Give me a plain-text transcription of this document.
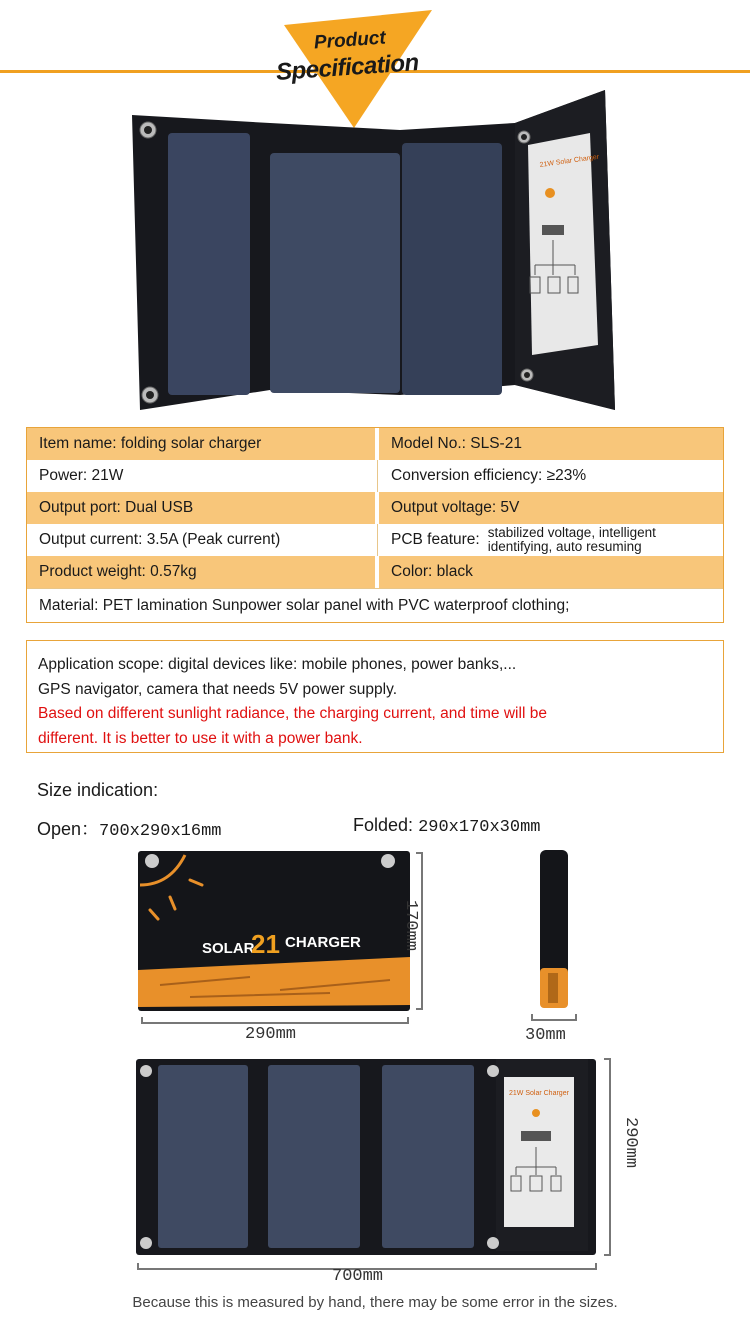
Product
Specification
21W Solar Charger
Item name: folding solar charger	Model No.: SLS-21
Power: 21W	Conversion efficiency: ≥23%
Output port: Dual USB	Output voltage: 5V
Output current: 3.5A (Peak current)	PCB feature: stabilized voltage, intelligent
identifying, auto resuming
Product weight: 0.57kg	Color: black
Material: PET lamination Sunpower solar panel with PVC waterproof clothing;
Application scope: digital devices like: mobile phones, power banks,...
GPS navigator, camera that needs 5V power supply.
Based on different sunlight radiance, the charging current, and time will be
different. It is better to use it with a power bank.
Size indication:
Open：700x290x16mm	Folded: 290x170x30mm
SOLAR
21 CHARGER
290mm
170mm
30mm
21W Solar Charger
700mm
290mm
Because this is measured by hand, there may be some error in the sizes.
